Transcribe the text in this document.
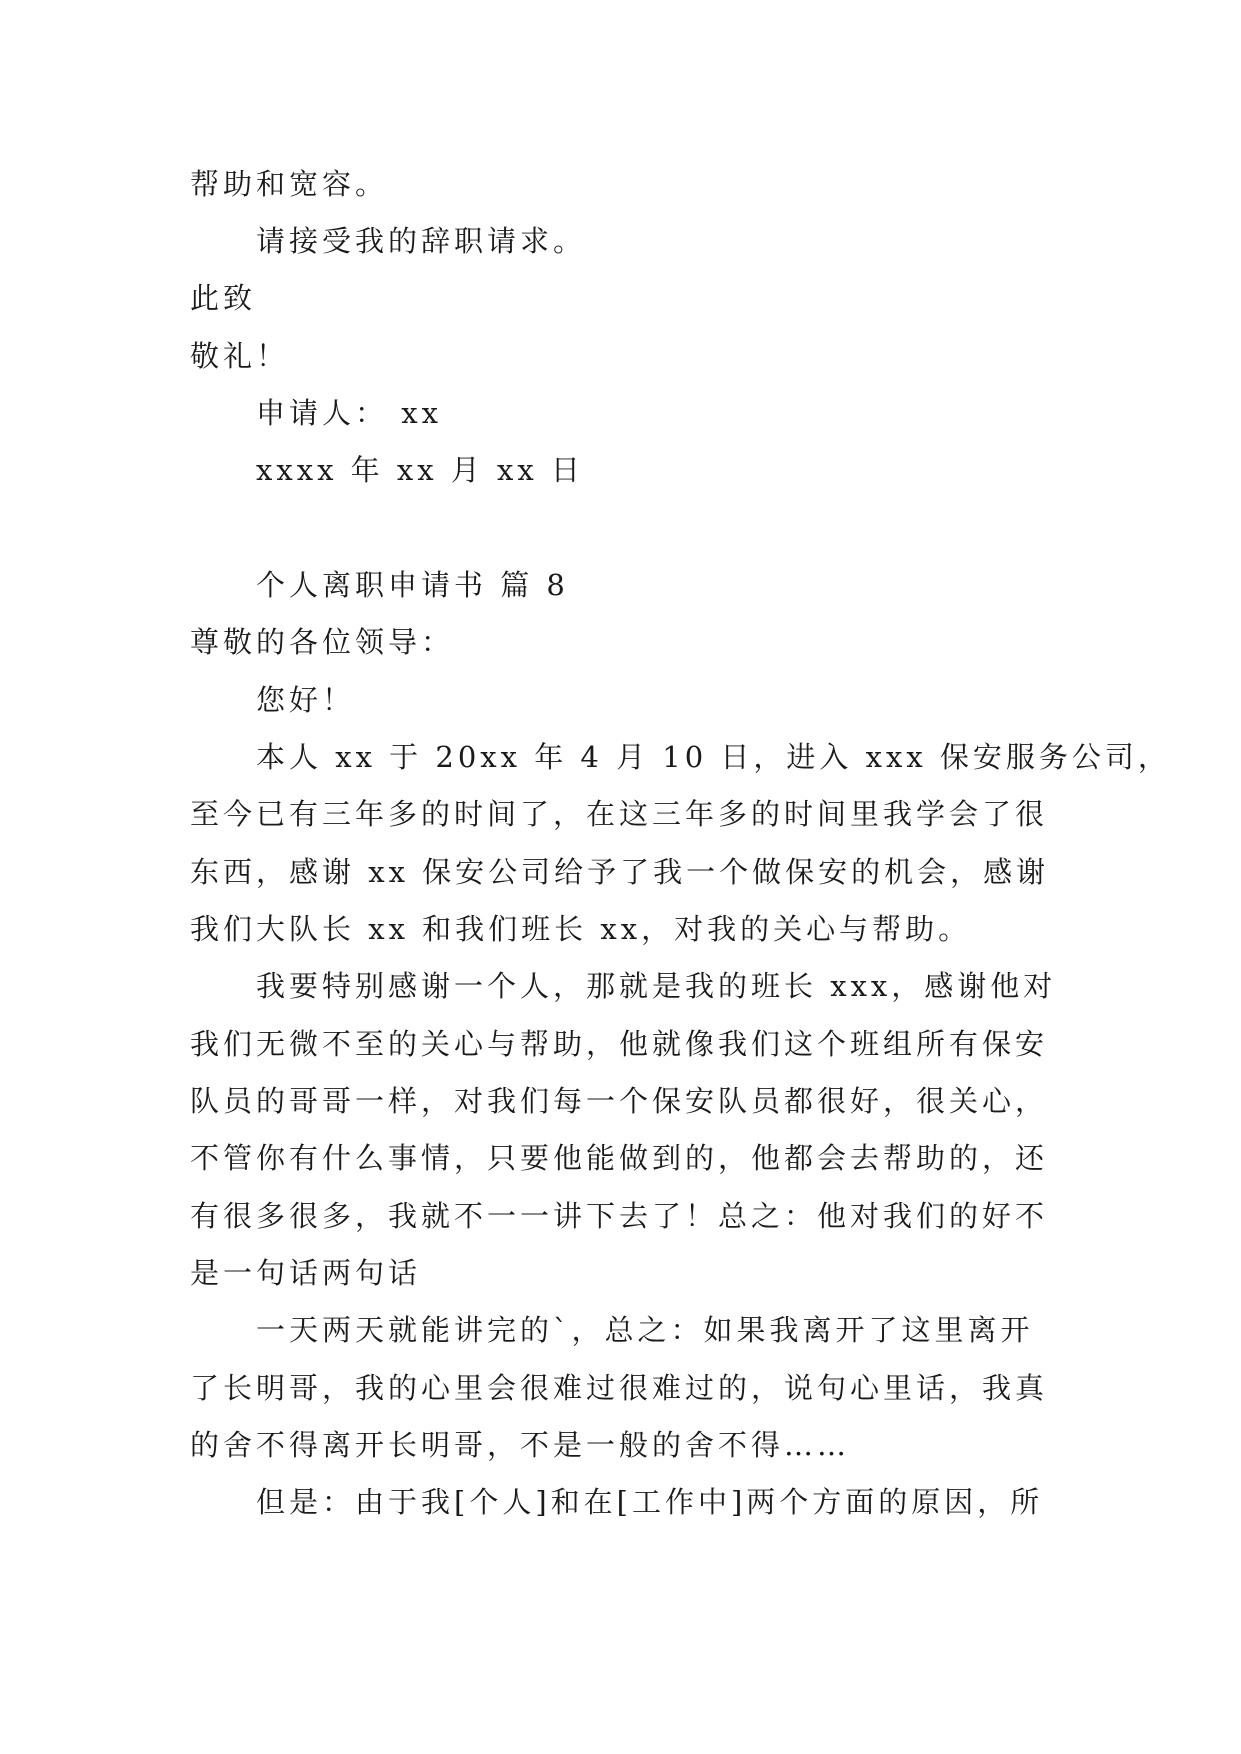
帮助和宽容。
请接受我的辞职请求。
此致
敬礼！
申请人： xx
xxxx 年 xx 月 xx 日
个人离职申请书 篇 8
尊敬的各位领导：
您好！
本人 xx 于 20xx 年 4 月 10 日，进入 xxx 保安服务公司，
至今已有三年多的时间了，在这三年多的时间里我学会了很
东西，感谢 xx 保安公司给予了我一个做保安的机会，感谢
我们大队长 xx 和我们班长 xx，对我的关心与帮助。
我要特别感谢一个人，那就是我的班长 xxx，感谢他对
我们无微不至的关心与帮助，他就像我们这个班组所有保安
队员的哥哥一样，对我们每一个保安队员都很好，很关心，
不管你有什么事情，只要他能做到的，他都会去帮助的，还
有很多很多，我就不一一讲下去了！总之：他对我们的好不
是一句话两句话
一天两天就能讲完的`，总之：如果我离开了这里离开
了长明哥，我的心里会很难过很难过的，说句心里话，我真
的舍不得离开长明哥，不是一般的舍不得……
但是：由于我[个人]和在[工作中]两个方面的原因，所
